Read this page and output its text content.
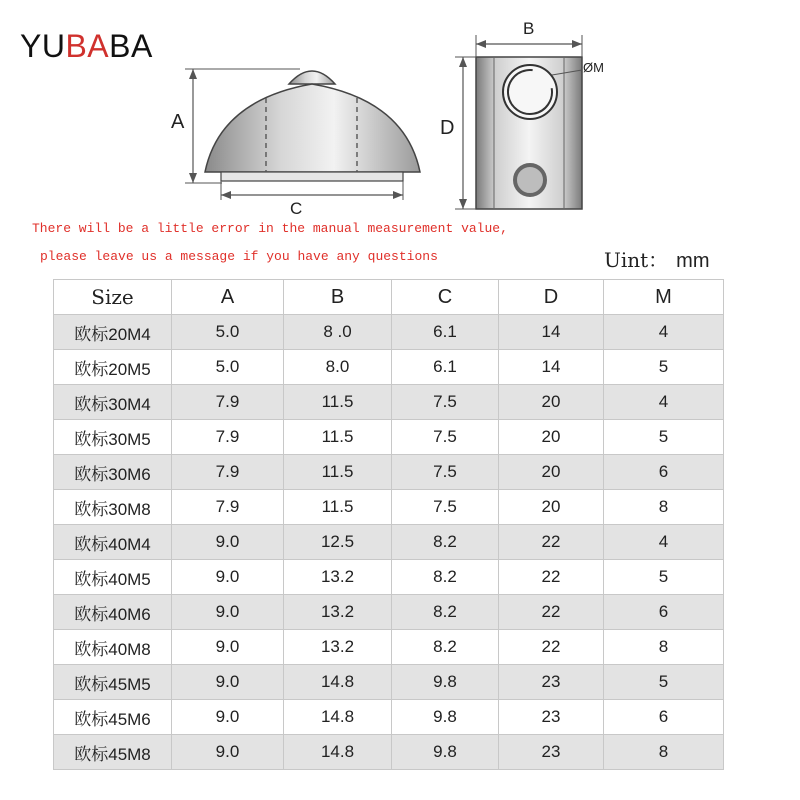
YUBABA
A
C
B
D
ØM
There will be a little error in the manual measurement value,
please leave us a message if you have any questions	Uint： mm
Size	A	B	C	D	M
欧标20M4	5.0	8 .0	6.1	14	4
欧标20M5	5.0	8.0	6.1	14	5
欧标30M4	7.9	11.5	7.5	20	4
欧标30M5	7.9	11.5	7.5	20	5
欧标30M6	7.9	11.5	7.5	20	6
欧标30M8	7.9	11.5	7.5	20	8
欧标40M4	9.0	12.5	8.2	22	4
欧标40M5	9.0	13.2	8.2	22	5
欧标40M6	9.0	13.2	8.2	22	6
欧标40M8	9.0	13.2	8.2	22	8
欧标45M5	9.0	14.8	9.8	23	5
欧标45M6	9.0	14.8	9.8	23	6
欧标45M8	9.0	14.8	9.8	23	8
